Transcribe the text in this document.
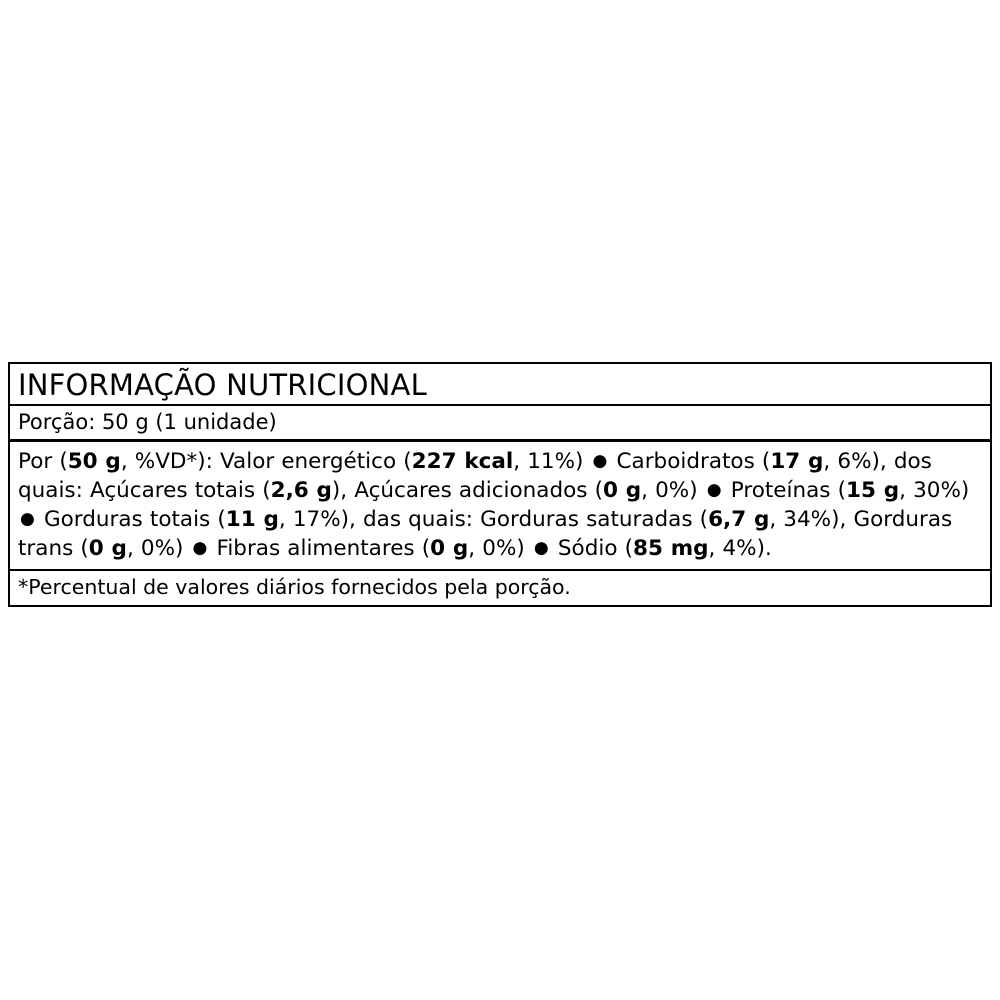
INFORMAÇÃO NUTRICIONAL
Porção: 50 g (1 unidade)
Por (50 g, %VD*): Valor energético (227 kcal, 11%) ● Carboidratos (17 g, 6%), dos quais: Açúcares totais (2,6 g), Açúcares adicionados (0 g, 0%) ● Proteínas (15 g, 30%) ● Gorduras totais (11 g, 17%), das quais: Gorduras saturadas (6,7 g, 34%), Gorduras trans (0 g, 0%) ● Fibras alimentares (0 g, 0%) ● Sódio (85 mg, 4%).
*Percentual de valores diários fornecidos pela porção.
